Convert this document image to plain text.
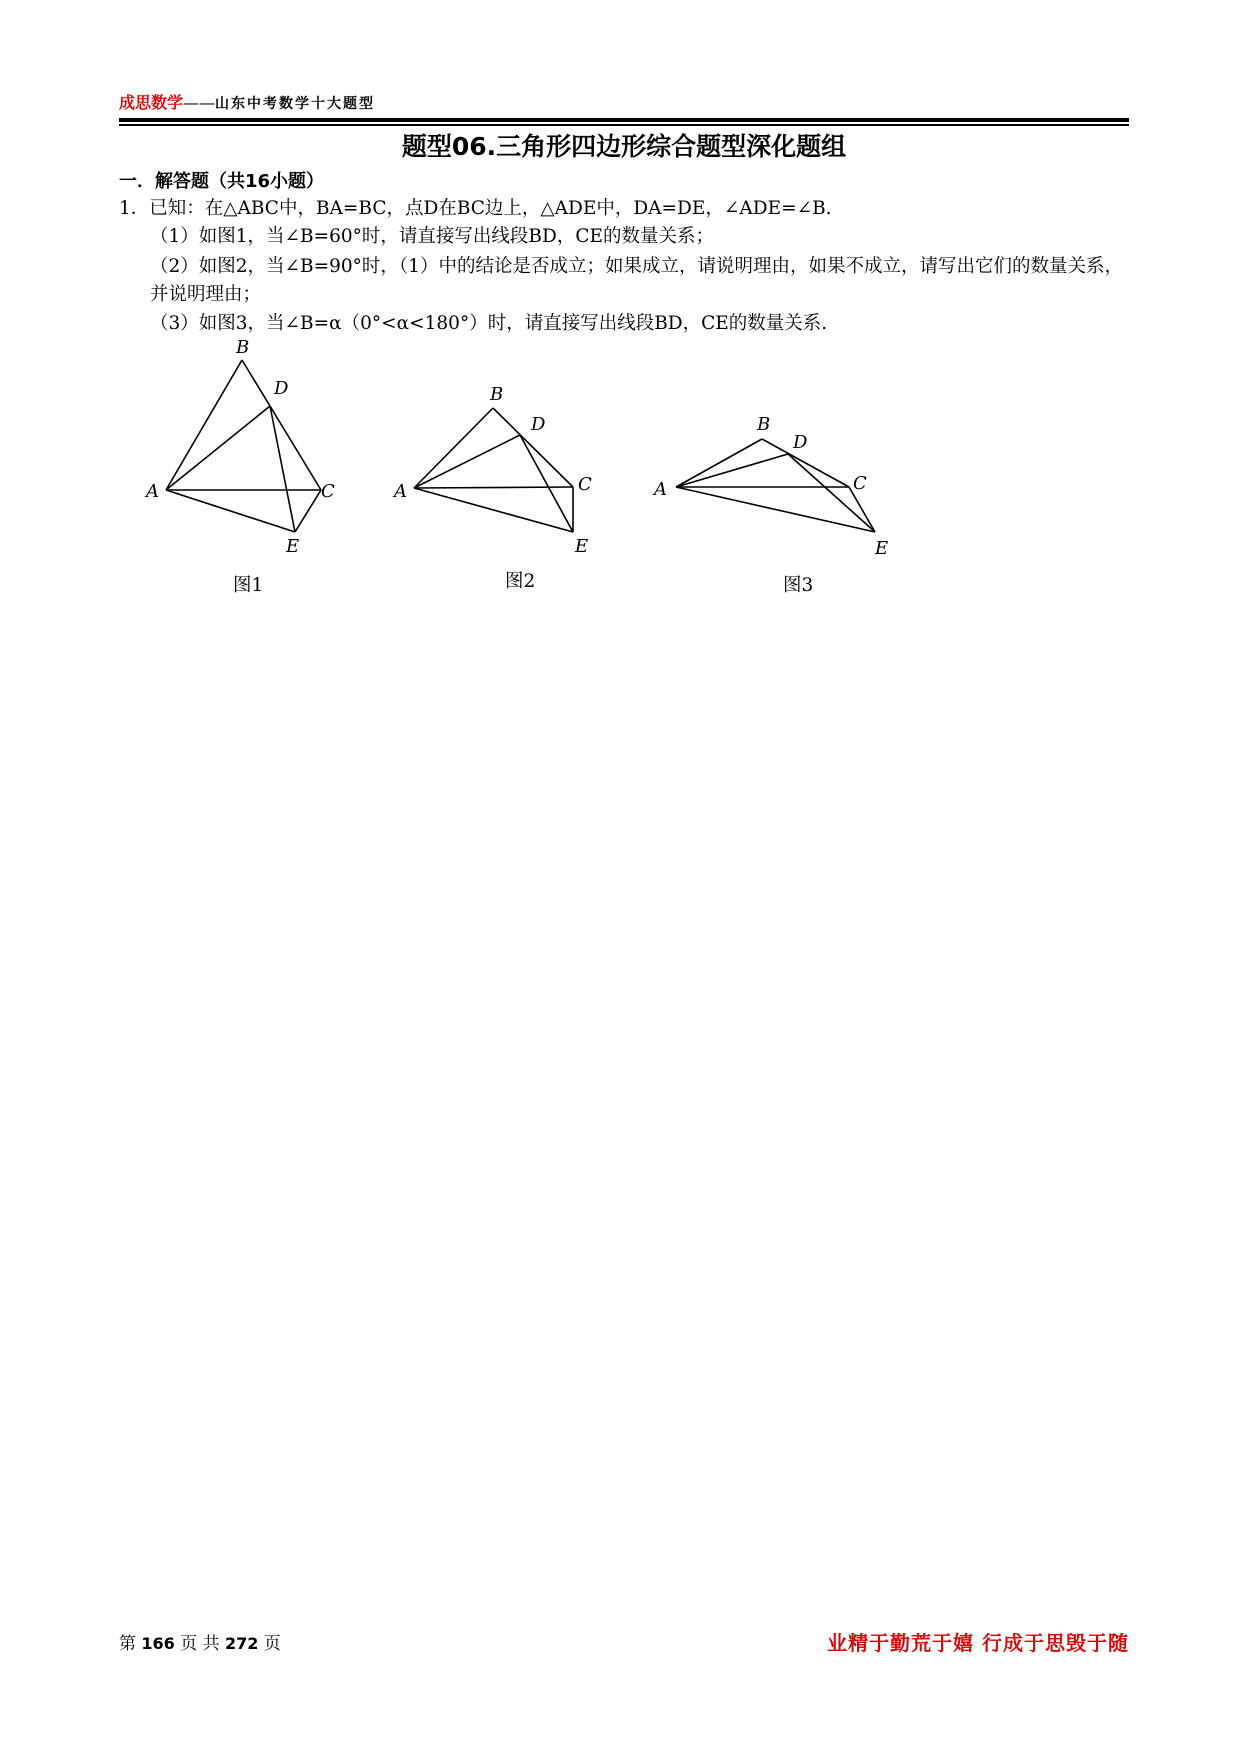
成思数学——山东中考数学十大题型
题型06.三角形四边形综合题型深化题组
一．解答题（共16小题）
1．已知：在△ABC中，BA=BC，点D在BC边上，△ADE中，DA=DE，∠ADE=∠B.
（1）如图1，当∠B=60°时，请直接写出线段BD，CE的数量关系；
（2）如图2，当∠B=90°时，（1）中的结论是否成立；如果成立，请说明理由，如果不成立，请写出它们的数量关系，
并说明理由；
（3）如图3，当∠B=α（0°<α<180°）时，请直接写出线段BD，CE的数量关系.
B
D
A	C
E
图1
B
D
A	C
E
图2
B
D
A	C
E
图3
第 166 页 共 272 页	业精于勤荒于嬉 行成于思毁于随
